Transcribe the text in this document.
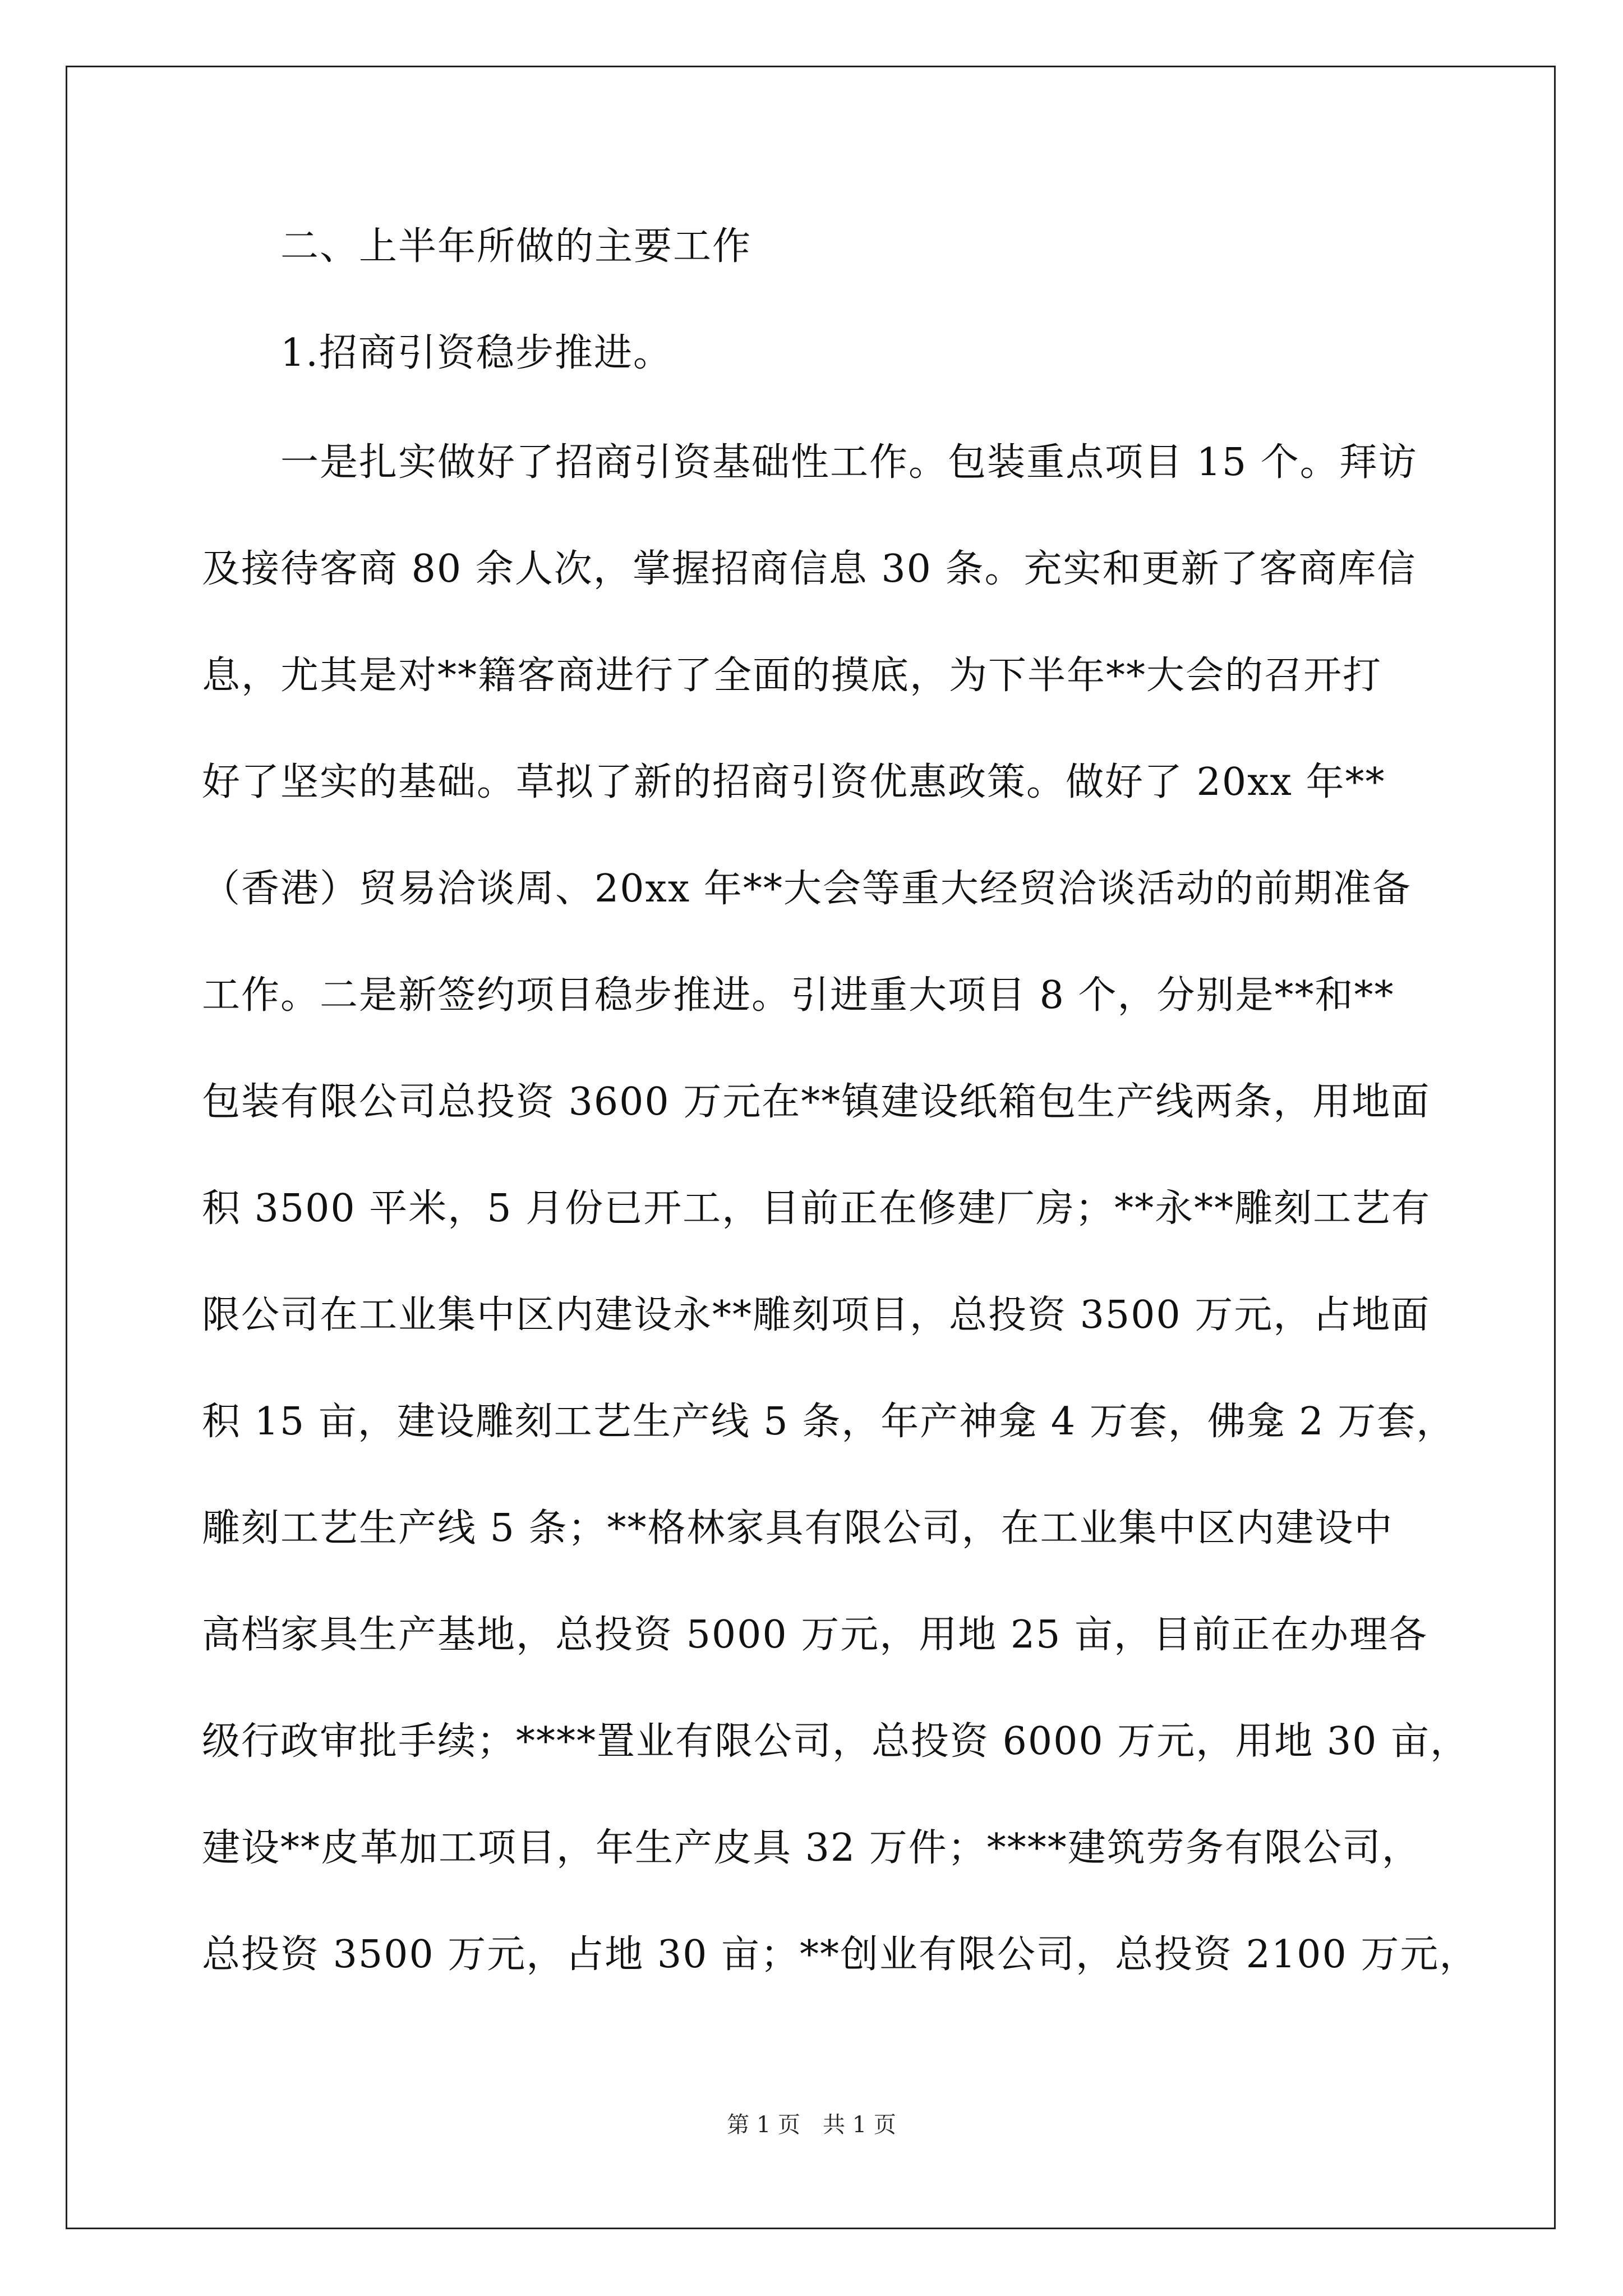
二、上半年所做的主要工作
1.招商引资稳步推进。
一是扎实做好了招商引资基础性工作。包装重点项目 15 个。拜访
及接待客商 80 余人次，掌握招商信息 30 条。充实和更新了客商库信
息，尤其是对**籍客商进行了全面的摸底，为下半年**大会的召开打
好了坚实的基础。草拟了新的招商引资优惠政策。做好了 20xx 年**
（香港）贸易洽谈周、20xx 年**大会等重大经贸洽谈活动的前期准备
工作。二是新签约项目稳步推进。引进重大项目 8 个，分别是**和**
包装有限公司总投资 3600 万元在**镇建设纸箱包生产线两条，用地面
积 3500 平米，5 月份已开工，目前正在修建厂房；**永**雕刻工艺有
限公司在工业集中区内建设永**雕刻项目，总投资 3500 万元，占地面
积 15 亩，建设雕刻工艺生产线 5 条，年产神龛 4 万套，佛龛 2 万套，
雕刻工艺生产线 5 条；**格林家具有限公司，在工业集中区内建设中
高档家具生产基地，总投资 5000 万元，用地 25 亩，目前正在办理各
级行政审批手续；****置业有限公司，总投资 6000 万元，用地 30 亩，
建设**皮革加工项目，年生产皮具 32 万件；****建筑劳务有限公司，
总投资 3500 万元，占地 30 亩；**创业有限公司，总投资 2100 万元，
第 1 页 共 1 页
